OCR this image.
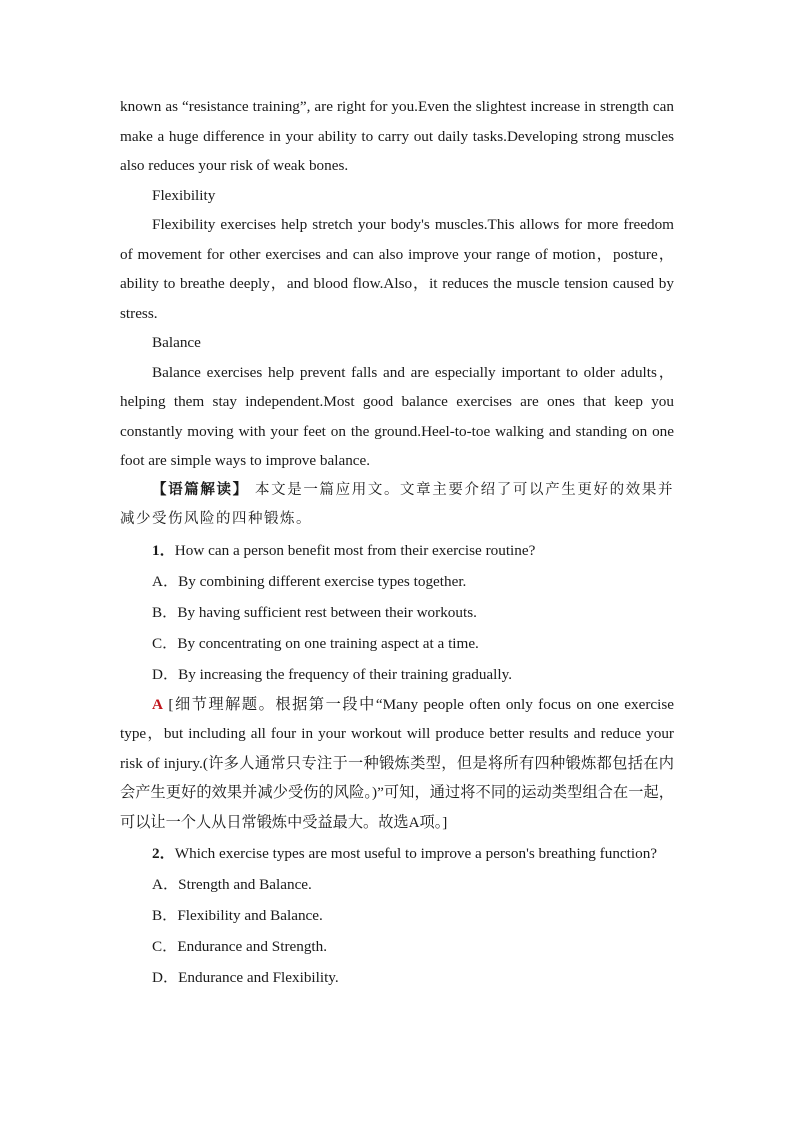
known as “resistance training”, are right for you.Even the slightest increase in strength can make a huge difference in your ability to carry out daily tasks.Developing strong muscles also reduces your risk of weak bones.

Flexibility

Flexibility exercises help stretch your body's muscles.This allows for more freedom of movement for other exercises and can also improve your range of motion，posture，ability to breathe deeply，and blood flow.Also，it reduces the muscle tension caused by stress.

Balance

Balance exercises help prevent falls and are especially important to older adults，helping them stay independent.Most good balance exercises are ones that keep you constantly moving with your feet on the ground.Heel-to-toe walking and standing on one foot are simple ways to improve balance.

【语篇解读】 本文是一篇应用文。文章主要介绍了可以产生更好的效果并减少受伤风险的四种锻炼。

1．How can a person benefit most from their exercise routine?

A．By combining different exercise types together.

B．By having sufficient rest between their workouts.

C．By concentrating on one training aspect at a time.

D．By increasing the frequency of their training gradually.

A [细节理解题。根据第一段中“Many people often only focus on one exercise type，but including all four in your workout will produce better results and reduce your risk of injury.(许多人通常只专注于一种锻炼类型，但是将所有四种锻炼都包括在内会产生更好的效果并减少受伤的风险。)”可知，通过将不同的运动类型组合在一起，可以让一个人从日常锻炼中受益最大。故选A项。]

2．Which exercise types are most useful to improve a person's breathing function?

A．Strength and Balance.

B．Flexibility and Balance.

C．Endurance and Strength.

D．Endurance and Flexibility.
